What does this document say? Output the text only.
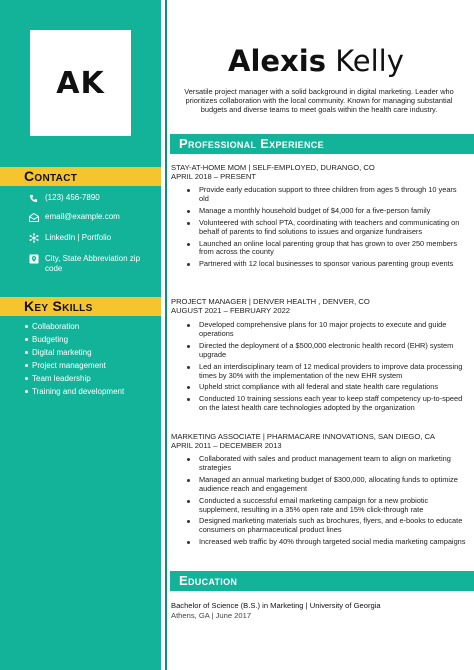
AK
Contact
(123) 456-7890
email@example.com
LinkedIn | Portfolio
City, State Abbreviation zip code
Key Skills
Collaboration
Budgeting
Digital marketing
Project management
Team leadership
Training and development
Alexis Kelly
Versatile project manager with a solid background in digital marketing. Leader who prioritizes collaboration with the local community. Known for managing substantial budgets and diverse teams to meet goals within the health care industry.
Professional Experience
STAY-AT-HOME MOM | SELF-EMPLOYED, DURANGO, CO
APRIL 2018 – PRESENT
Provide early education support to three children from ages 5 through 10 years old
Manage a monthly household budget of $4,000 for a five-person family
Volunteered with school PTA, coordinating with teachers and communicating on behalf of parents to find solutions to issues and organize fundraisers
Launched an online local parenting group that has grown to over 250 members from across the county
Partnered with 12 local businesses to sponsor various parenting group events
PROJECT MANAGER | DENVER HEALTH , DENVER, CO
AUGUST 2021 – FEBRUARY 2022
Developed comprehensive plans for 10 major projects to execute and guide operations
Directed the deployment of a $500,000 electronic health record (EHR) system upgrade
Led an interdisciplinary team of 12 medical providers to improve data processing times by 30% with the implementation of the new EHR system
Upheld strict compliance with all federal and state health care regulations
Conducted 10 training sessions each year to keep staff competency up-to-speed on the latest health care technologies adopted by the organization
MARKETING ASSOCIATE | PHARMACARE INNOVATIONS, SAN DIEGO, CA
APRIL 2011 – DECEMBER 2013
Collaborated with sales and product management team to align on marketing strategies
Managed an annual marketing budget of $300,000, allocating funds to optimize audience reach and engagement
Conducted a successful email marketing campaign for a new probiotic supplement, resulting in a 35% open rate and 15% click-through rate
Designed marketing materials such as brochures, flyers, and e-books to educate consumers on pharmaceutical product lines
Increased web traffic by 40% through targeted social media marketing campaigns
Education
Bachelor of Science (B.S.) in Marketing | University of Georgia
Athens, GA | June 2017
